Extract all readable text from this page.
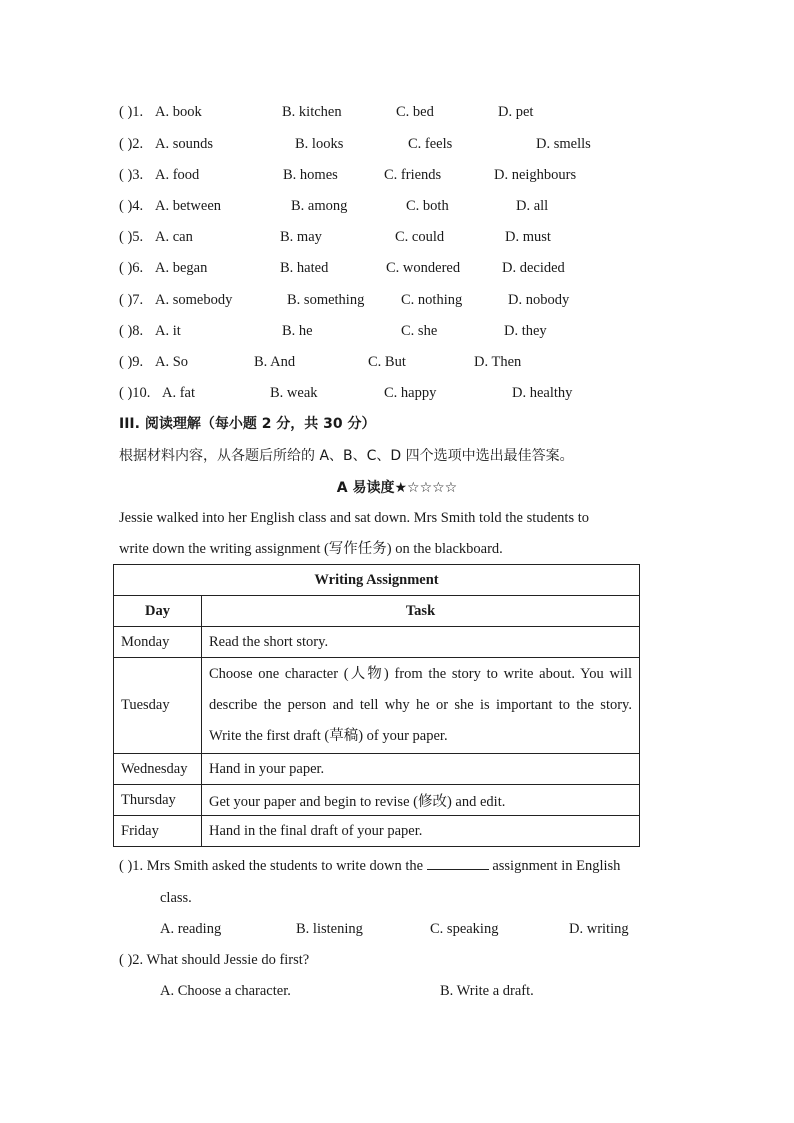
( )1. A. book	B. kitchen	C. bed	D. pet
( )2. A. sounds	B. looks	C. feels	D. smells
( )3. A. food	B. homes	C. friends	D. neighbours
( )4. A. between	B. among	C. both	D. all
( )5. A. can	B. may	C. could	D. must
( )6. A. began	B. hated	C. wondered	D. decided
( )7. A. somebody	B. something	C. nothing	D. nobody
( )8. A. it	B. he	C. she	D. they
( )9. A. So	B. And	C. But	D. Then
( )10. A. fat	B. weak	C. happy	D. healthy
III. 阅读理解（每小题 2 分，共 30 分）
根据材料内容，从各题后所给的 A、B、C、D 四个选项中选出最佳答案。
A 易读度★☆☆☆☆
Jessie walked into her English class and sat down. Mrs Smith told the students to
write down the writing assignment (写作任务) on the blackboard.
Writing Assignment	
Day	Task
Monday	Read the short story.
Tuesday	Choose one character (人物) from the story to write about. You will describe the person and tell why he or she is important to the story. Write the first draft (草稿) of your paper.
Wednesday	Hand in your paper.
Thursday	Get your paper and begin to revise (修改) and edit.
Friday	Hand in the final draft of your paper.
( )1. Mrs Smith asked the students to write down the	assignment in English
class.
A. reading	B. listening	C. speaking	D. writing
( )2. What should Jessie do first?
A. Choose a character.	B. Write a draft.
